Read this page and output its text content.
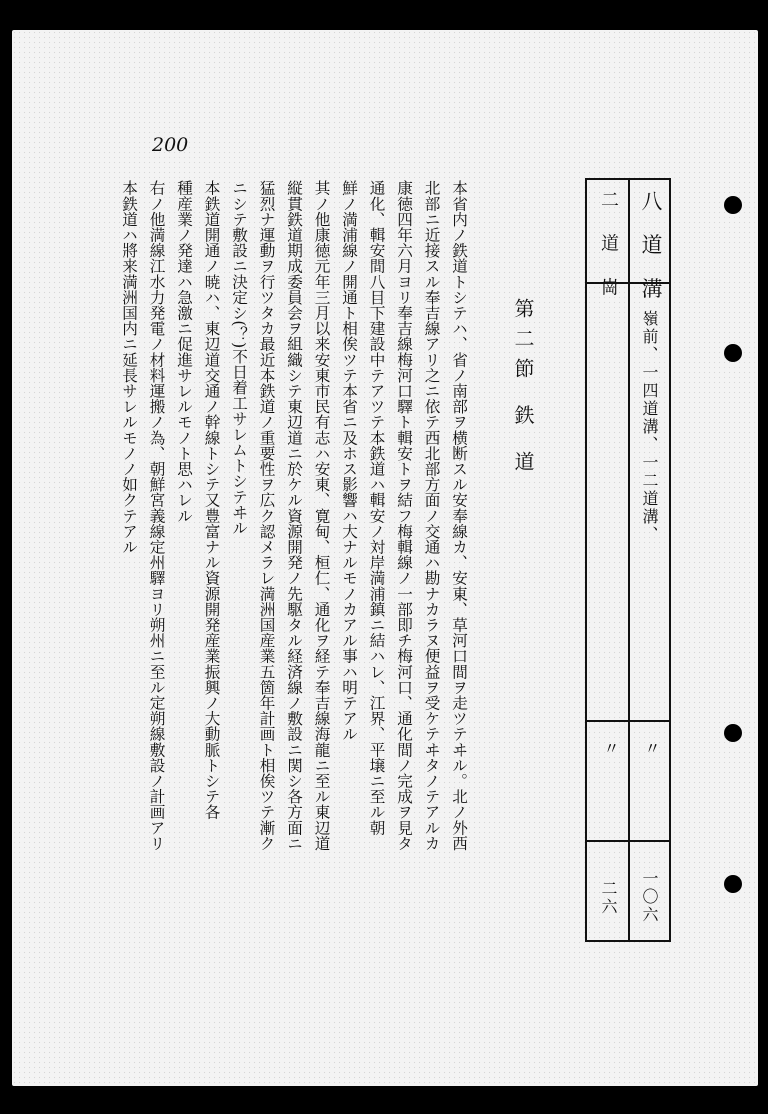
200
八 道 溝
嶺前、一四道溝、一二道溝、
〃
一〇六
二 道 崗
〃
二六
第二節 鉄 道
本省内ノ鉄道トシテハ、省ノ南部ヲ横断スル安奉線カ、安東、草河口間ヲ走ツテヰル。北ノ外西
北部ニ近接スル奉吉線アリ之ニ依テ西北部方面ノ交通ハ勘ナカラヌ便益ヲ受ケテヰタノテアルカ
康徳四年六月ヨリ奉吉線梅河口驛ト輯安トヲ結フ梅輯線ノ一部即チ梅河口、通化間ノ完成ヲ見タ
通化、輯安間八目下建設中テアツテ本鉄道ハ輯安ノ対岸満浦鎮ニ結ハレ、江界、平壌ニ至ル朝
鮮ノ満浦線ノ開通ト相俟ツテ本省ニ及ホス影響ハ大ナルモノカアル事ハ明テアル
其ノ他康徳元年三月以来安東市民有志ハ安東、寛甸、桓仁、通化ヲ経テ奉吉線海龍ニ至ル東辺道
縦貫鉄道期成委員会ヲ組織シテ東辺道ニ於ケル資源開発ノ先駆タル経済線ノ敷設ニ関シ各方面ニ
猛烈ナ運動ヲ行ツタカ最近本鉄道ノ重要性ヲ広ク認メラレ満洲国産業五箇年計画ト相俟ツテ漸ク
ニシテ敷設ニ決定シ(？)不日着工サレムトシテヰル
本鉄道開通ノ暁ハ、東辺道交通ノ幹線トシテ又豊富ナル資源開発産業振興ノ大動脈トシテ各
種産業ノ発達ハ急激ニ促進サレルモノト思ハレル
右ノ他満線江水力発電ノ材料運搬ノ為、朝鮮宮義線定州驛ヨリ朔州ニ至ル定朔線敷設ノ計画アリ
本鉄道ハ將来満洲国内ニ延長サレルモノノ如クテアル
